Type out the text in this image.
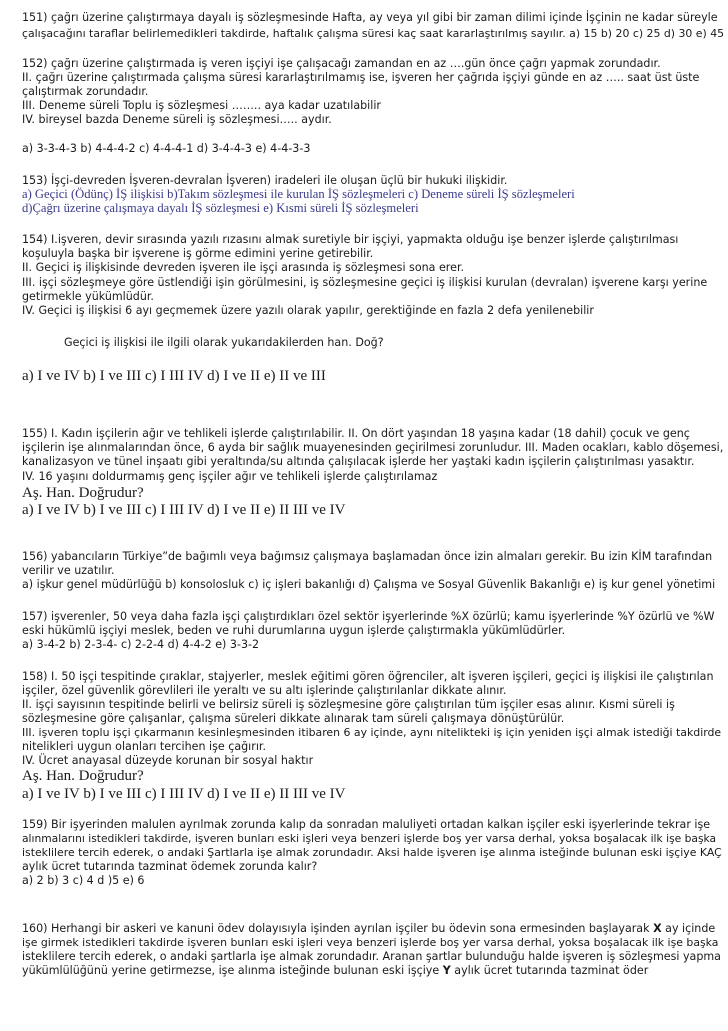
151) çağrı üzerine çalıştırmaya dayalı iş sözleşmesinde Hafta, ay veya yıl gibi bir zaman dilimi içinde İşçinin ne kadar süreyle
çalışacağını taraflar belirlemedikleri takdirde, haftalık çalışma süresi kaç saat kararlaştırılmış sayılır. a) 15 b) 20 c) 25 d) 30 e) 45
152) çağrı üzerine çalıştırmada iş veren işçiyi işe çalışacağı zamandan en az ….gün önce çağrı yapmak zorundadır.
II. çağrı üzerine çalıştırmada çalışma süresi kararlaştırılmamış ise, işveren her çağrıda işçiyi günde en az ….. saat üst üste
çalıştırmak zorundadır.
III. Deneme süreli Toplu iş sözleşmesi …….. aya kadar uzatılabilir
IV. bireysel bazda Deneme süreli iş sözleşmesi….. aydır.
a) 3-3-4-3 b) 4-4-4-2 c) 4-4-4-1 d) 3-4-4-3 e) 4-4-3-3
153) İşçi-devreden İşveren-devralan İşveren) iradeleri ile oluşan üçlü bir hukuki ilişkidir.
a) Geçici (Ödünç) İŞ ilişkisi b)Takım sözleşmesi ile kurulan İŞ sözleşmeleri c) Deneme süreli İŞ sözleşmeleri
d)Çağrı üzerine çalışmaya dayalı İŞ sözleşmesi e) Kısmi süreli İŞ sözleşmeleri
154) I.işveren, devir sırasında yazılı rızasını almak suretiyle bir işçiyi, yapmakta olduğu işe benzer işlerde çalıştırılması
koşuluyla başka bir işverene iş görme edimini yerine getirebilir.
II. Geçici iş ilişkisinde devreden işveren ile işçi arasında iş sözleşmesi sona erer.
III. işçi sözleşmeye göre üstlendiği işin görülmesini, iş sözleşmesine geçici iş ilişkisi kurulan (devralan) işverene karşı yerine
getirmekle yükümlüdür.
IV. Geçici iş ilişkisi 6 ayı geçmemek üzere yazılı olarak yapılır, gerektiğinde en fazla 2 defa yenilenebilir
Geçici iş ilişkisi ile ilgili olarak yukarıdakilerden han. Doğ?
a) I ve IV b) I ve III c) I III IV d) I ve II e) II ve III
155) I. Kadın işçilerin ağır ve tehlikeli işlerde çalıştırılabilir. II. On dört yaşından 18 yaşına kadar (18 dahil) çocuk ve genç
işçilerin işe alınmalarından önce, 6 ayda bir sağlık muayenesinden geçirilmesi zorunludur. III. Maden ocakları, kablo döşemesi,
kanalizasyon ve tünel inşaatı gibi yeraltında/su altında çalışılacak işlerde her yaştaki kadın işçilerin çalıştırılması yasaktır.
IV. 16 yaşını doldurmamış genç işçiler ağır ve tehlikeli işlerde çalıştırılamaz
Aş. Han. Doğrudur?
a) I ve IV b) I ve III c) I III IV d) I ve II e) II III ve IV
156) yabancıların Türkiye”de bağımlı veya bağımsız çalışmaya başlamadan önce izin almaları gerekir. Bu izin KİM tarafından
verilir ve uzatılır.
a) işkur genel müdürlüğü b) konsolosluk c) iç işleri bakanlığı d) Çalışma ve Sosyal Güvenlik Bakanlığı e) iş kur genel yönetimi
157) işverenler, 50 veya daha fazla işçi çalıştırdıkları özel sektör işyerlerinde %X özürlü; kamu işyerlerinde %Y özürlü ve %W
eski hükümlü işçiyi meslek, beden ve ruhi durumlarına uygun işlerde çalıştırmakla yükümlüdürler.
a) 3-4-2 b) 2-3-4- c) 2-2-4 d) 4-4-2 e) 3-3-2
158) I. 50 işçi tespitinde çıraklar, stajyerler, meslek eğitimi gören öğrenciler, alt işveren işçileri, geçici iş ilişkisi ile çalıştırılan
işçiler, özel güvenlik görevlileri ile yeraltı ve su altı işlerinde çalıştırılanlar dikkate alınır.
II. işçi sayısının tespitinde belirli ve belirsiz süreli iş sözleşmesine göre çalıştırılan tüm işçiler esas alınır. Kısmi süreli iş
sözleşmesine göre çalışanlar, çalışma süreleri dikkate alınarak tam süreli çalışmaya dönüştürülür.
III. işveren toplu işçi çıkarmanın kesinleşmesinden itibaren 6 ay içinde, aynı nitelikteki iş için yeniden işçi almak istediği takdirde
nitelikleri uygun olanları tercihen işe çağırır.
IV. Ücret anayasal düzeyde korunan bir sosyal haktır
Aş. Han. Doğrudur?
a) I ve IV b) I ve III c) I III IV d) I ve II e) II III ve IV
159) Bir işyerinden malulen ayrılmak zorunda kalıp da sonradan maluliyeti ortadan kalkan işçiler eski işyerlerinde tekrar işe
alınmalarını istedikleri takdirde, işveren bunları eski işleri veya benzeri işlerde boş yer varsa derhal, yoksa boşalacak ilk işe başka
isteklilere tercih ederek, o andaki Şartlarla işe almak zorundadır. Aksi halde işveren işe alınma isteğinde bulunan eski işçiye KAÇ
aylık ücret tutarında tazminat ödemek zorunda kalır?
a) 2 b) 3 c) 4 d )5 e) 6
160) Herhangi bir askeri ve kanuni ödev dolayısıyla işinden ayrılan işçiler bu ödevin sona ermesinden başlayarak X ay içinde
işe girmek istedikleri takdirde işveren bunları eski işleri veya benzeri işlerde boş yer varsa derhal, yoksa boşalacak ilk işe başka
isteklilere tercih ederek, o andaki şartlarla işe almak zorundadır. Aranan şartlar bulunduğu halde işveren iş sözleşmesi yapma
yükümlülüğünü yerine getirmezse, işe alınma isteğinde bulunan eski işçiye Y aylık ücret tutarında tazminat öder
